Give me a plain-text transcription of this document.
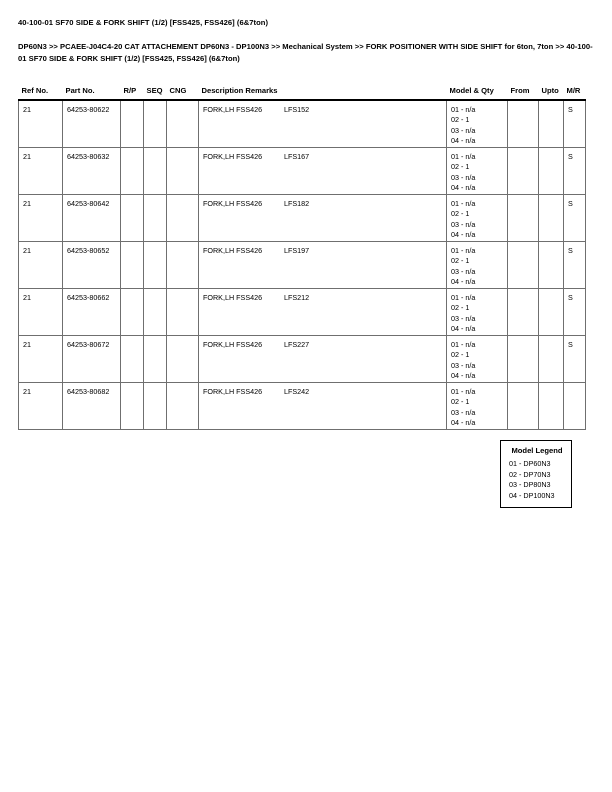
40-100-01 SF70 SIDE & FORK SHIFT (1/2) [FSS425, FSS426] (6&7ton)
DP60N3 >> PCAEE-J04C4-20 CAT ATTACHEMENT DP60N3 - DP100N3 >> Mechanical System >> FORK POSITIONER WITH SIDE SHIFT for 6ton, 7ton >> 40-100-01 SF70 SIDE & FORK SHIFT (1/2) [FSS425, FSS426] (6&7ton)
Ref No.	Part No.	R/P	SEQ	CNG	Description Remarks	Model & Qty	From	Upto	M/R
21	64253-80622				FORK,LH FSS426 LFS152	01 - n/a
02 - 1
03 - n/a
04 - n/a			S
21	64253-80632				FORK,LH FSS426 LFS167	01 - n/a
02 - 1
03 - n/a
04 - n/a			S
21	64253-80642				FORK,LH FSS426 LFS182	01 - n/a
02 - 1
03 - n/a
04 - n/a			S
21	64253-80652				FORK,LH FSS426 LFS197	01 - n/a
02 - 1
03 - n/a
04 - n/a			S
21	64253-80662				FORK,LH FSS426 LFS212	01 - n/a
02 - 1
03 - n/a
04 - n/a			S
21	64253-80672				FORK,LH FSS426 LFS227	01 - n/a
02 - 1
03 - n/a
04 - n/a			S
21	64253-80682				FORK,LH FSS426 LFS242	01 - n/a
02 - 1
03 - n/a
04 - n/a			

Model Legend
01 - DP60N3
02 - DP70N3
03 - DP80N3
04 - DP100N3
